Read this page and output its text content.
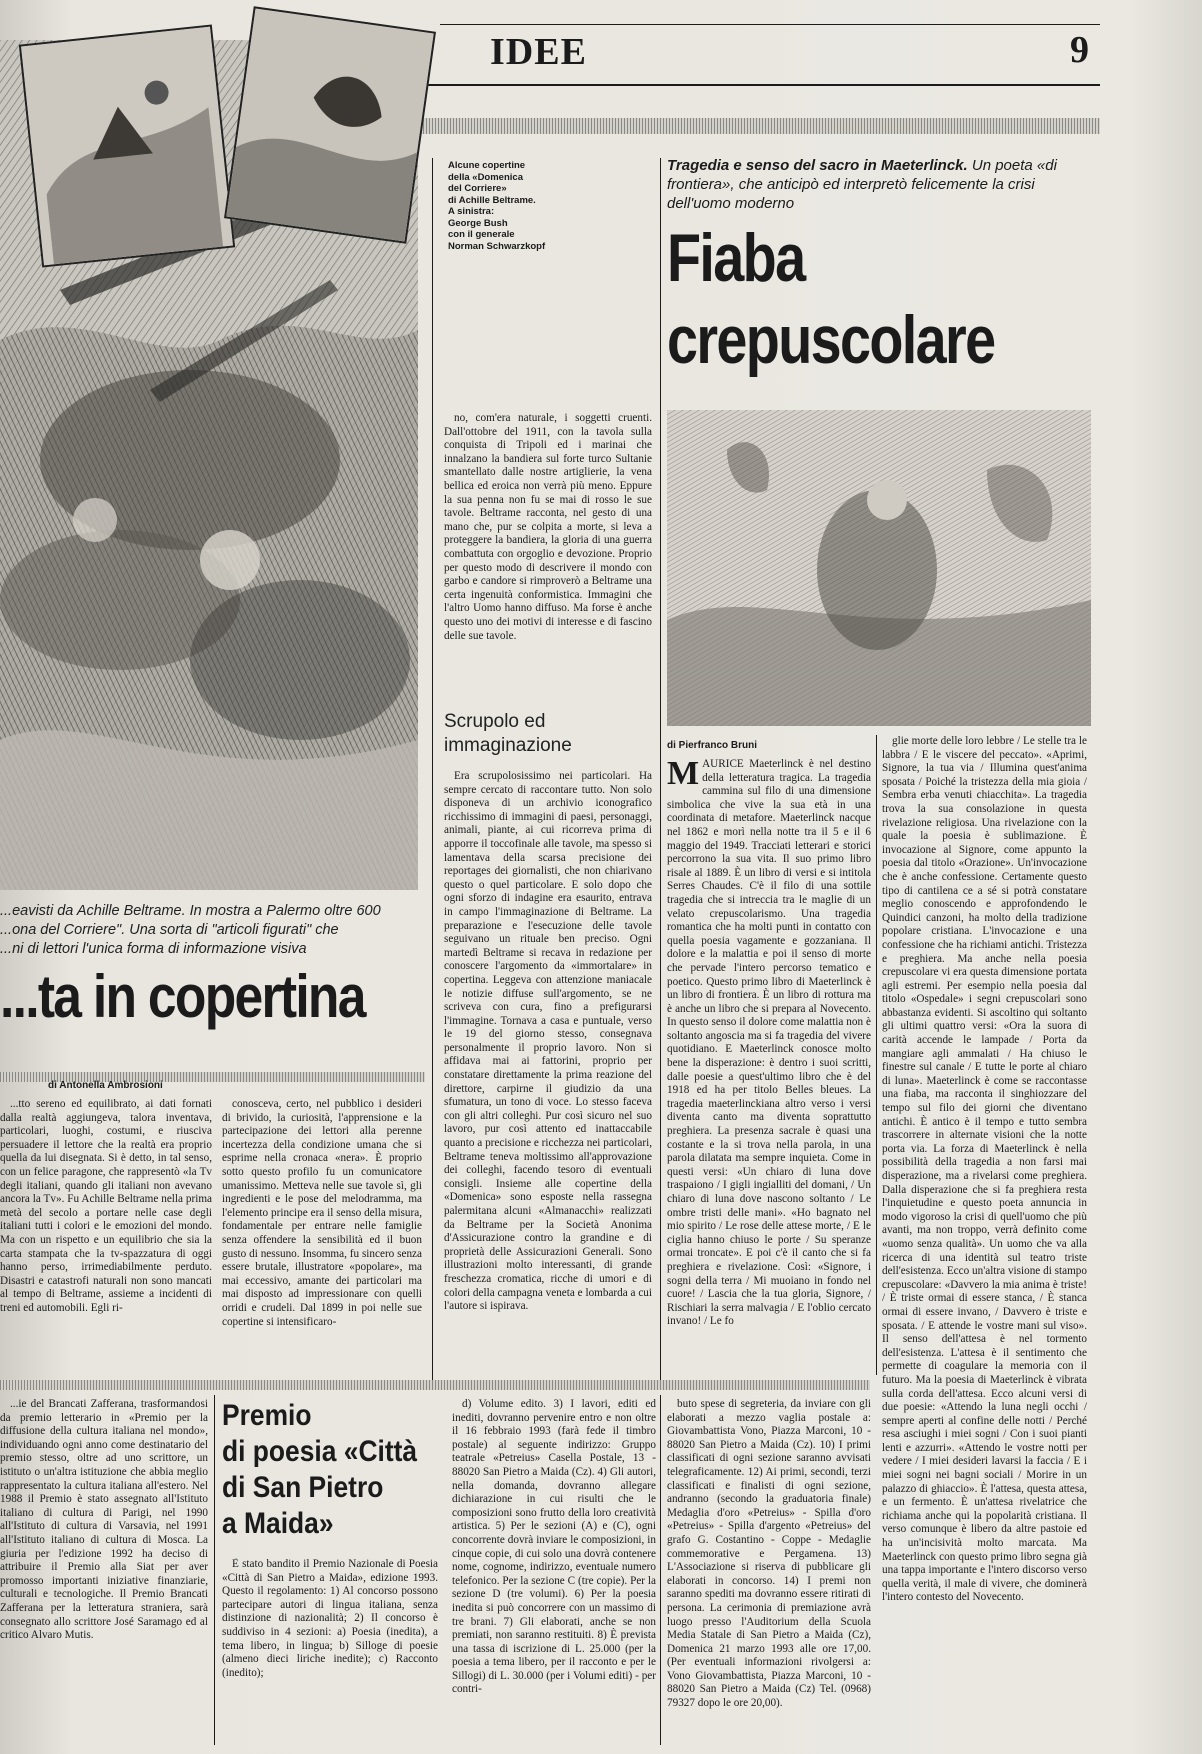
IDEE	9
...eavisti da Achille Beltrame. In mostra a Palermo oltre 600
...ona del Corriere". Una sorta di "articoli figurati" che
...ni di lettori l'unica forma di informazione visiva
...ta in copertina
di Antonella Ambrosioni

...tto sereno ed equilibrato, ai dati fornati dalla realtà aggiungeva, talora inventava, particolari, luoghi, costumi, e riusciva persuadere il lettore che la realtà era proprio quella da lui disegnata. Si è detto, in tal senso, con un felice paragone, che rappresentò «la Tv degli italiani, quando gli italiani non avevano ancora la Tv». Fu Achille Beltrame nella prima metà del secolo a portare nelle case degli italiani tutti i colori e le emozioni del mondo. Ma con un rispetto e un equilibrio che sia la carta stampata che la tv-spazzatura di oggi hanno perso, irrimediabilmente perduto. Disastri e catastrofi naturali non sono mancati al tempo di Beltrame, assieme a incidenti di treni ed automobili. Egli ri-

conosceva, certo, nel pubblico i desideri di brivido, la curiosità, l'apprensione e la partecipazione dei lettori alla perenne incertezza della condizione umana che si esprime nella cronaca «nera». È proprio sotto questo profilo fu un comunicatore umanissimo. Metteva nelle sue tavole sì, gli ingredienti e le pose del melodramma, ma l'elemento principe era il senso della misura, fondamentale per entrare nelle famiglie senza offendere la sensibilità ed il buon gusto di nessuno. Insomma, fu sincero senza essere brutale, illustratore «popolare», ma mai eccessivo, amante dei particolari ma mai disposto ad impressionare con quelli orridi e crudeli. Dal 1899 in poi nelle sue copertine si intensificaro-

Alcune copertine
della «Domenica
del Corriere»
di Achille Beltrame.
A sinistra:
George Bush
con il generale
Norman Schwarzkopf

no, com'era naturale, i soggetti cruenti. Dall'ottobre del 1911, con la tavola sulla conquista di Tripoli ed i marinai che innalzano la bandiera sul forte turco Sultanie smantellato dalle nostre artiglierie, la vena bellica ed eroica non verrà più meno. Eppure la sua penna non fu se mai di rosso le sue tavole. Beltrame racconta, nel gesto di una mano che, pur se colpita a morte, si leva a proteggere la bandiera, la gloria di una guerra combattuta con orgoglio e devozione. Proprio per questo modo di descrivere il mondo con garbo e candore si rimproverò a Beltrame una certa ingenuità conformistica. Immagini che l'altro Uomo hanno diffuso. Ma forse è anche questo uno dei motivi di interesse e di fascino delle sue tavole.

Scrupolo ed immaginazione

Era scrupolosissimo nei particolari. Ha sempre cercato di raccontare tutto. Non solo disponeva di un archivio iconografico ricchissimo di immagini di paesi, personaggi, animali, piante, ai cui ricorreva prima di apporre il toccofinale alle tavole, ma spesso si lamentava della scarsa precisione dei reportages dei giornalisti, che non chiarivano questo o quel particolare. E solo dopo che ogni sforzo di indagine era esaurito, entrava in campo l'immaginazione di Beltrame. La preparazione e l'esecuzione delle tavole seguivano un rituale ben preciso. Ogni martedì Beltrame si recava in redazione per conoscere l'argomento da «immortalare» in copertina. Leggeva con attenzione maniacale le notizie diffuse sull'argomento, se ne scriveva con cura, fino a prefigurarsi l'immagine. Tornava a casa e puntuale, verso le 19 del giorno stesso, consegnava personalmente il proprio lavoro. Non si affidava mai ai fattorini, proprio per constatare direttamente la prima reazione del direttore, carpirne il giudizio da una sfumatura, un tono di voce. Lo stesso faceva con gli altri colleghi. Pur così sicuro nel suo lavoro, pur così attento ed inattaccabile quanto a precisione e ricchezza nei particolari, Beltrame teneva moltissimo all'approvazione dei colleghi, facendo tesoro di eventuali consigli. Insieme alle copertine della «Domenica» sono esposte nella rassegna palermitana alcuni «Almanacchi» realizzati da Beltrame per la Società Anonima d'Assicurazione contro la grandine e di proprietà delle Assicurazioni Generali. Sono illustrazioni molto interessanti, di grande freschezza cromatica, ricche di umori e di colori della campagna veneta e lombarda a cui l'autore si ispirava.

Tragedia e senso del sacro in Maeterlinck. Un poeta «di frontiera», che anticipò ed interpretò felicemente la crisi dell'uomo moderno
Fiaba
crepuscolare
di Pierfranco Bruni
M AURICE Maeterlinck è nel destino della letteratura tragica. La tragedia cammina sul filo di una dimensione simbolica che vive la sua età in una coordinata di metafore. Maeterlinck nacque nel 1862 e morì nella notte tra il 5 e il 6 maggio del 1949. Tracciati letterari e storici percorrono la sua vita. Il suo primo libro risale al 1889. È un libro di versi e si intitola Serres Chaudes. C'è il filo di una sottile tragedia che si intreccia tra le maglie di un velato crepuscolarismo. Una tragedia romantica che ha molti punti in contatto con quella poesia vagamente e gozzaniana. Il dolore e la malattia e poi il senso di morte che pervade l'intero percorso tematico e poetico. Questo primo libro di Maeterlinck è un libro di frontiera. È un libro di rottura ma è anche un libro che si prepara al Novecento. In questo senso il dolore come malattia non è soltanto angoscia ma si fa tragedia del vivere quotidiano. E Maeterlinck conosce molto bene la disperazione: è dentro i suoi scritti, dalle poesie a quest'ultimo libro che è del 1918 ed ha per titolo Belles bleues. La tragedia maeterlinckiana altro verso i versi diventa canto ma diventa soprattutto preghiera. La presenza sacrale è quasi una costante e la si trova nella parola, in una parola dilatata ma sempre inquieta. Come in questi versi: «Un chiaro di luna dove traspaiono / I gigli ingialliti del domani, / Un chiaro di luna dove nascono soltanto / Le ombre tristi delle mani». «Ho bagnato nel mio spirito / Le rose delle attese morte, / E le ciglia hanno chiuso le porte / Su speranze ormai troncate». E poi c'è il canto che si fa preghiera e rivelazione. Così: «Signore, i sogni della terra / Mi muoiano in fondo nel cuore! / Lascia che la tua gloria, Signore, / Rischiari la serra malvagia / E l'oblio cercato invano! / Le fo

glie morte delle loro lebbre / Le stelle tra le labbra / E le viscere del peccato». «Aprimi, Signore, la tua via / Illumina quest'anima sposata / Poiché la tristezza della mia gioia / Sembra erba venuti chiacchita». La tragedia trova la sua consolazione in questa rivelazione religiosa. Una rivelazione con la quale la poesia è sublimazione. È invocazione al Signore, come appunto la poesia dal titolo «Orazione». Un'invocazione che è anche confessione. Certamente questo tipo di cantilena ce a sé si potrà constatare meglio conoscendo e approfondendo le Quindici canzoni, ha molto della tradizione popolare cristiana. L'invocazione e una confessione che ha richiami antichi. Tristezza e preghiera. Ma anche nella poesia crepuscolare vi era questa dimensione portata agli estremi. Per esempio nella poesia dal titolo «Ospedale» i segni crepuscolari sono abbastanza evidenti. Si ascoltino qui soltanto gli ultimi quattro versi: «Ora la suora di carità accende le lampade / Porta da mangiare agli ammalati / Ha chiuso le finestre sul canale / E tutte le porte al chiaro di luna». Maeterlinck è come se raccontasse una fiaba, ma racconta il singhiozzare del tempo sul filo dei giorni che diventano antichi. È antico è il tempo e tutto sembra trascorrere in alternate visioni che la notte porta via. La forza di Maeterlinck è nella possibilità della tragedia a non farsi mai disperazione, ma a rivelarsi come preghiera. Dalla disperazione che si fa preghiera resta l'inquietudine e questo poeta annuncia in modo vigoroso la crisi di quell'uomo che più avanti, ma non troppo, verrà definito come «uomo senza qualità». Un uomo che va alla ricerca di una identità sul teatro triste dell'esistenza. Ecco un'altra visione di stampo crepuscolare: «Davvero la mia anima è triste! / È triste ormai di essere stanca, / È stanca ormai di essere invano, / Davvero è triste e sposata. / E attende le vostre mani sul viso». Il senso dell'attesa è nel tormento dell'esistenza. L'attesa è il sentimento che permette di coagulare la memoria con il futuro. Ma la poesia di Maeterlinck è vibrata sulla corda dell'attesa. Ecco alcuni versi di due poesie: «Attendo la luna negli occhi / sempre aperti al confine delle notti / Perché resa asciughi i miei sogni / Con i suoi pianti lenti e azzurri». «Attendo le vostre notti per vedere / I miei desideri lavarsi la faccia / E i miei sogni nei bagni sociali / Morire in un palazzo di ghiaccio». È l'attesa, questa attesa, e un fermento. È un'attesa rivelatrice che richiama anche qui la popolarità cristiana. Il verso comunque è libero da altre pastoie ed ha un'incisività molto marcata. Ma Maeterlinck con questo primo libro segna già una tappa importante e l'intero discorso verso quella verità, il male di vivere, che dominerà l'intero contesto del Novecento.

...ie del Brancati Zafferana, trasformandosi da premio letterario in «Premio per la diffusione della cultura italiana nel mondo», individuando ogni anno come destinatario del premio stesso, oltre ad uno scrittore, un istituto o un'altra istituzione che abbia meglio rappresentato la cultura italiana all'estero. Nel 1988 il Premio è stato assegnato all'Istituto italiano di cultura di Parigi, nel 1990 all'Istituto di cultura di Varsavia, nel 1991 all'Istituto italiano di cultura di Mosca. La giuria per l'edizione 1992 ha deciso di attribuire il Premio alla Siat per aver promosso importanti iniziative finanziarie, culturali e tecnologiche. Il Premio Brancati Zafferana per la letteratura straniera, sarà consegnato allo scrittore José Saramago ed al critico Alvaro Mutis.

Premio
di poesia «Città
di San Pietro
a Maida»

È stato bandito il Premio Nazionale di Poesia «Città di San Pietro a Maida», edizione 1993. Questo il regolamento: 1) Al concorso possono partecipare autori di lingua italiana, senza distinzione di nazionalità; 2) Il concorso è suddiviso in 4 sezioni: a) Poesia (inedita), a tema libero, in lingua; b) Silloge di poesie (almeno dieci liriche inedite); c) Racconto (inedito);

d) Volume edito. 3) I lavori, editi ed inediti, dovranno pervenire entro e non oltre il 16 febbraio 1993 (farà fede il timbro postale) al seguente indirizzo: Gruppo teatrale «Petreius» Casella Postale, 13 - 88020 San Pietro a Maida (Cz). 4) Gli autori, nella domanda, dovranno allegare dichiarazione in cui risulti che le composizioni sono frutto della loro creatività artistica. 5) Per le sezioni (A) e (C), ogni concorrente dovrà inviare le composizioni, in cinque copie, di cui solo una dovrà contenere nome, cognome, indirizzo, eventuale numero telefonico. Per la sezione C (tre copie). Per la sezione D (tre volumi). 6) Per la poesia inedita si può concorrere con un massimo di tre brani. 7) Gli elaborati, anche se non premiati, non saranno restituiti. 8) È prevista una tassa di iscrizione di L. 25.000 (per la poesia a tema libero, per il racconto e per le Sillogi) di L. 30.000 (per i Volumi editi) - per contri-

buto spese di segreteria, da inviare con gli elaborati a mezzo vaglia postale a: Giovambattista Vono, Piazza Marconi, 10 - 88020 San Pietro a Maida (Cz). 10) I primi classificati di ogni sezione saranno avvisati telegraficamente. 12) Ai primi, secondi, terzi classificati e finalisti di ogni sezione, andranno (secondo la graduatoria finale) Medaglia d'oro «Petreius» - Spilla d'oro «Petreius» - Spilla d'argento «Petreius» del grafo G. Costantino - Coppe - Medaglie commemorative e Pergamena. 13) L'Associazione si riserva di pubblicare gli elaborati in concorso. 14) I premi non saranno spediti ma dovranno essere ritirati di persona. La cerimonia di premiazione avrà luogo presso l'Auditorium della Scuola Media Statale di San Pietro a Maida (Cz), Domenica 21 marzo 1993 alle ore 17,00. (Per eventuali informazioni rivolgersi a: Vono Giovambattista, Piazza Marconi, 10 - 88020 San Pietro a Maida (Cz) Tel. (0968) 79327 dopo le ore 20,00).
